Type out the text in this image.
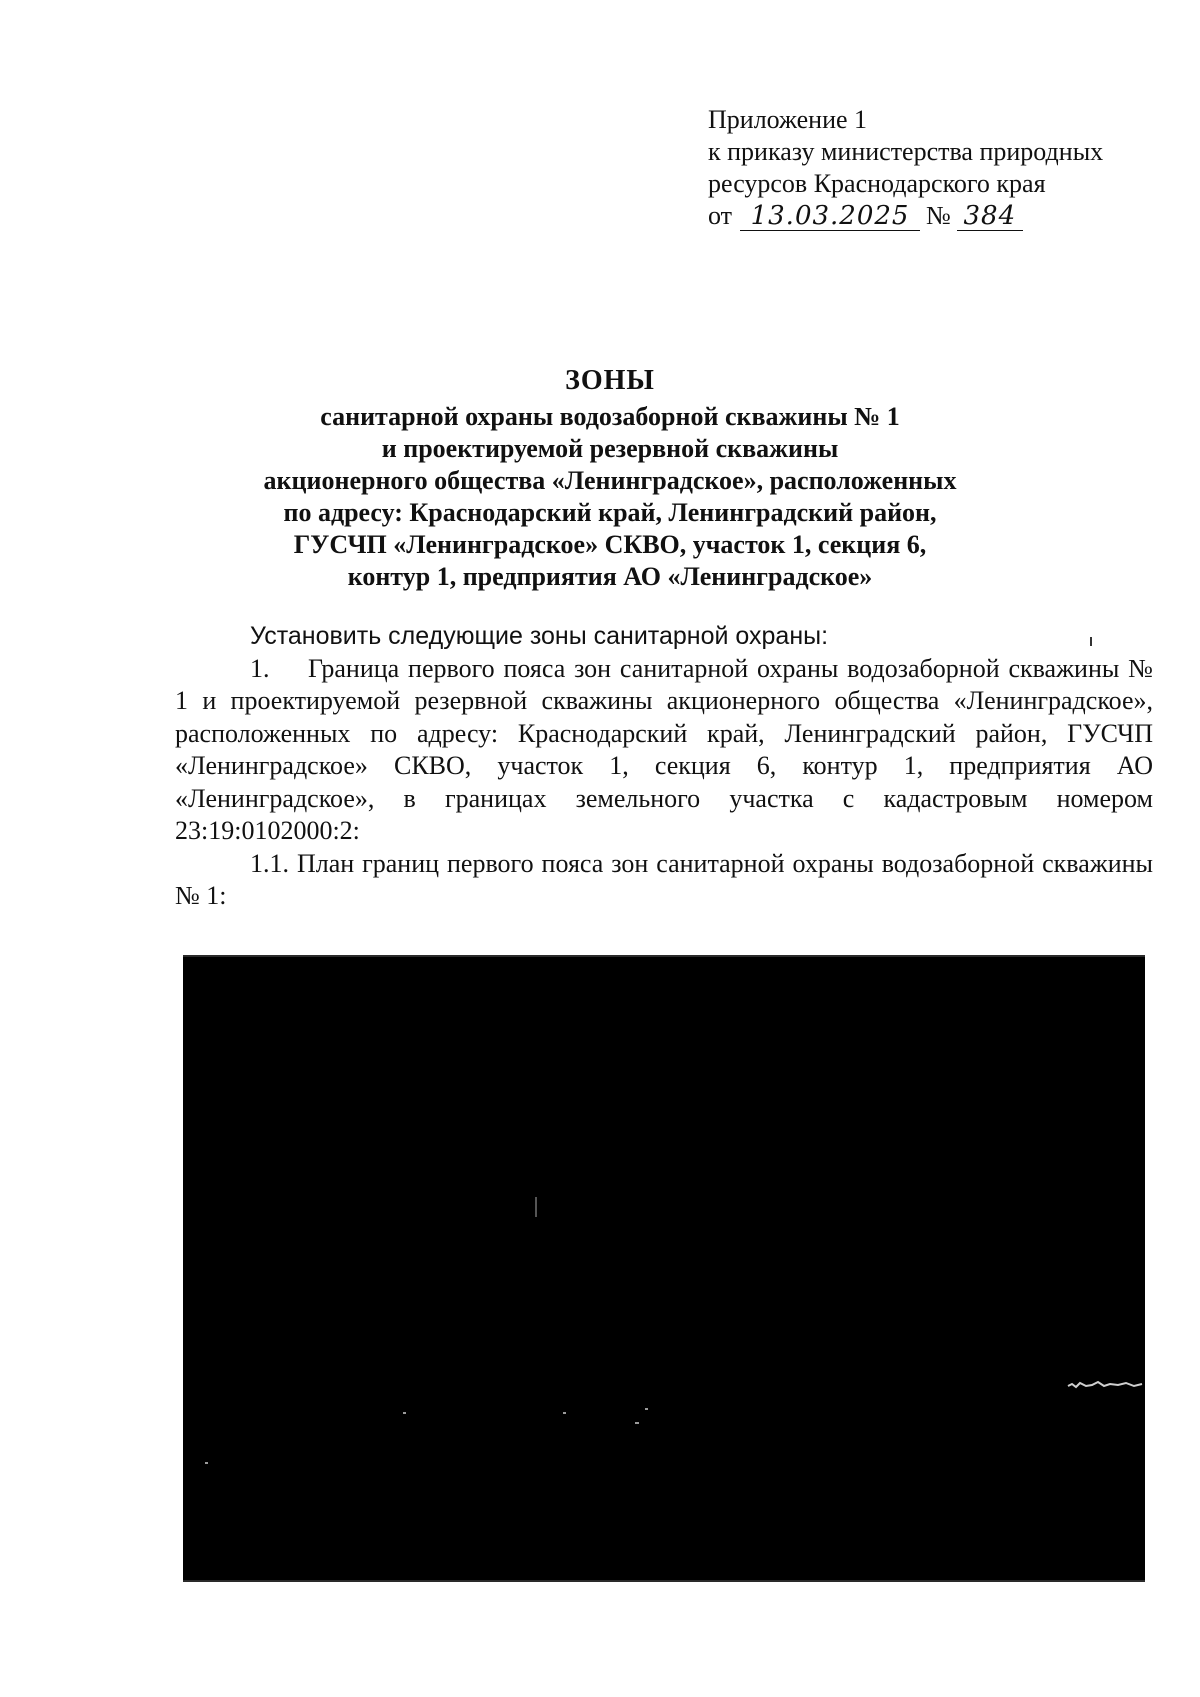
Приложение 1
к приказу министерства природных
ресурсов Краснодарского края
от 13.03.2025 № 384
ЗОНЫ
санитарной охраны водозаборной скважины № 1
и проектируемой резервной скважины
акционерного общества «Ленинградское», расположенных
по адресу: Краснодарский край, Ленинградский район,
ГУСЧП «Ленинградское» СКВО, участок 1, секция 6,
контур 1, предприятия АО «Ленинградское»

Установить следующие зоны санитарной охраны:

1. Граница первого пояса зон санитарной охраны водозаборной скважины № 1 и проектируемой резервной скважины акционерного общества «Ленинградское», расположенных по адресу: Краснодарский край, Ленинградский район, ГУСЧП «Ленинградское» СКВО, участок 1, секция 6, контур 1, предприятия АО «Ленинградское», в границах земельного участка с кадастровым номером 23:19:0102000:2:

1.1. План границ первого пояса зон санитарной охраны водозаборной скважины № 1:
